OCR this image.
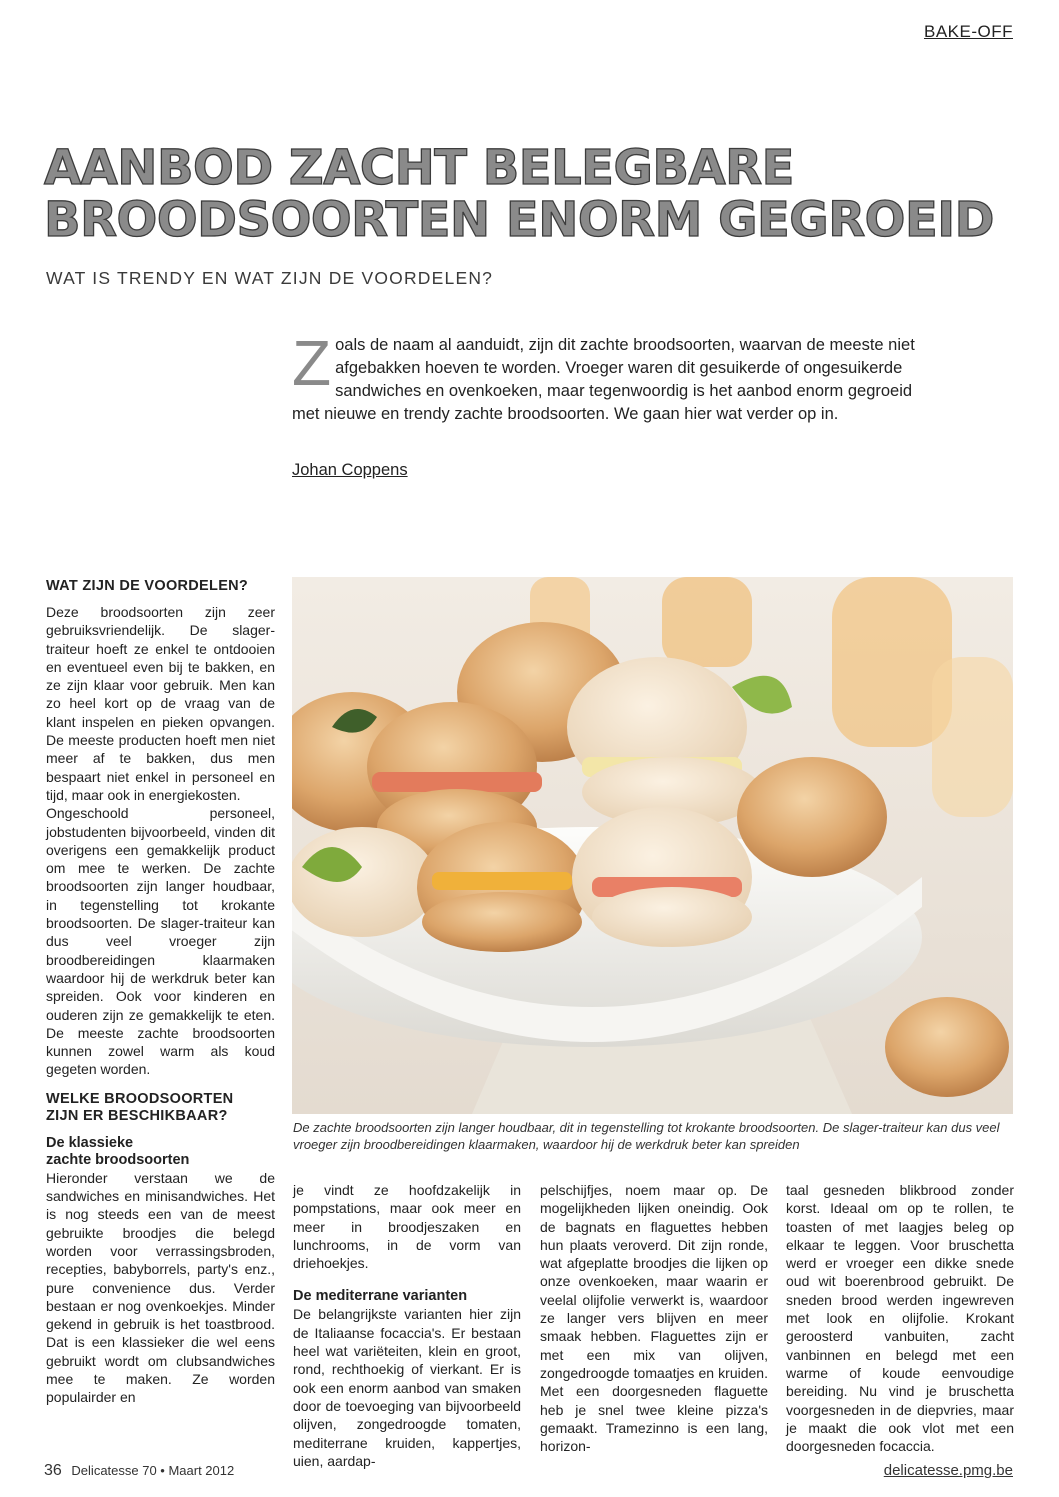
BAKE-OFF
AANBOD ZACHT BELEGBARE
BROODSOORTEN ENORM GEGROEID
WAT IS TRENDY EN WAT ZIJN DE VOORDELEN?

Zoals de naam al aanduidt, zijn dit zachte broodsoorten, waarvan de meeste niet afgebakken hoeven te worden. Vroeger waren dit gesuikerde of ongesuikerde sandwiches en ovenkoeken, maar tegenwoordig is het aanbod enorm gegroeid met nieuwe en trendy zachte broodsoorten. We gaan hier wat verder op in.

Johan Coppens
WAT ZIJN DE VOORDELEN?

Deze broodsoorten zijn zeer gebruiksvriendelijk. De slager-traiteur hoeft ze enkel te ontdooien en eventueel even bij te bakken, en ze zijn klaar voor gebruik. Men kan zo heel kort op de vraag van de klant inspelen en pieken opvangen. De meeste producten hoeft men niet meer af te bakken, dus men bespaart niet enkel in personeel en tijd, maar ook in energiekosten.

Ongeschoold personeel, jobstudenten bijvoorbeeld, vinden dit overigens een gemakkelijk product om mee te werken. De zachte broodsoorten zijn langer houdbaar, in tegenstelling tot krokante broodsoorten. De slager-traiteur kan dus veel vroeger zijn broodbereidingen klaarmaken waardoor hij de werkdruk beter kan spreiden. Ook voor kinderen en ouderen zijn ze gemakkelijk te eten. De meeste zachte broodsoorten kunnen zowel warm als koud gegeten worden.

WELKE BROODSOORTEN
ZIJN ER BESCHIKBAAR?
De klassieke
zachte broodsoorten

Hieronder verstaan we de sandwiches en minisandwiches. Het is nog steeds een van de meest gebruikte broodjes die belegd worden voor verrassingsbroden, recepties, babyborrels, party's enz., pure convenience dus. Verder bestaan er nog ovenkoekjes. Minder gekend in gebruik is het toastbrood. Dat is een klassieker die wel eens gebruikt wordt om clubsandwiches mee te maken. Ze worden populairder en

De zachte broodsoorten zijn langer houdbaar, dit in tegenstelling tot krokante broodsoorten. De slager-traiteur kan dus veel vroeger zijn broodbereidingen klaarmaken, waardoor hij de werkdruk beter kan spreiden

je vindt ze hoofdzakelijk in pompstations, maar ook meer en meer in broodjeszaken en lunchrooms, in de vorm van driehoekjes.

De mediterrane varianten

De belangrijkste varianten hier zijn de Italiaanse focaccia's. Er bestaan heel wat variëteiten, klein en groot, rond, rechthoekig of vierkant. Er is ook een enorm aanbod van smaken door de toevoeging van bijvoorbeeld olijven, zongedroogde tomaten, mediterrane kruiden, kappertjes, uien, aardap-

pelschijfjes, noem maar op. De mogelijkheden lijken oneindig. Ook de bagnats en flaguettes hebben hun plaats veroverd. Dit zijn ronde, wat afgeplatte broodjes die lijken op onze ovenkoeken, maar waarin er veelal olijfolie verwerkt is, waardoor ze langer vers blijven en meer smaak hebben. Flaguettes zijn er met een mix van olijven, zongedroogde tomaatjes en kruiden. Met een doorgesneden flaguette heb je snel twee kleine pizza's gemaakt. Tramezinno is een lang, horizon-

taal gesneden blikbrood zonder korst. Ideaal om op te rollen, te toasten of met laagjes beleg op elkaar te leggen. Voor bruschetta werd er vroeger een dikke snede oud wit boerenbrood gebruikt. De sneden brood werden ingewreven met look en olijfolie. Krokant geroosterd vanbuiten, zacht vanbinnen en belegd met een warme of koude eenvoudige bereiding. Nu vind je bruschetta voorgesneden in de diepvries, maar je maakt die ook vlot met een doorgesneden focaccia.

36 Delicatesse 70 • Maart 2012	delicatesse.pmg.be
